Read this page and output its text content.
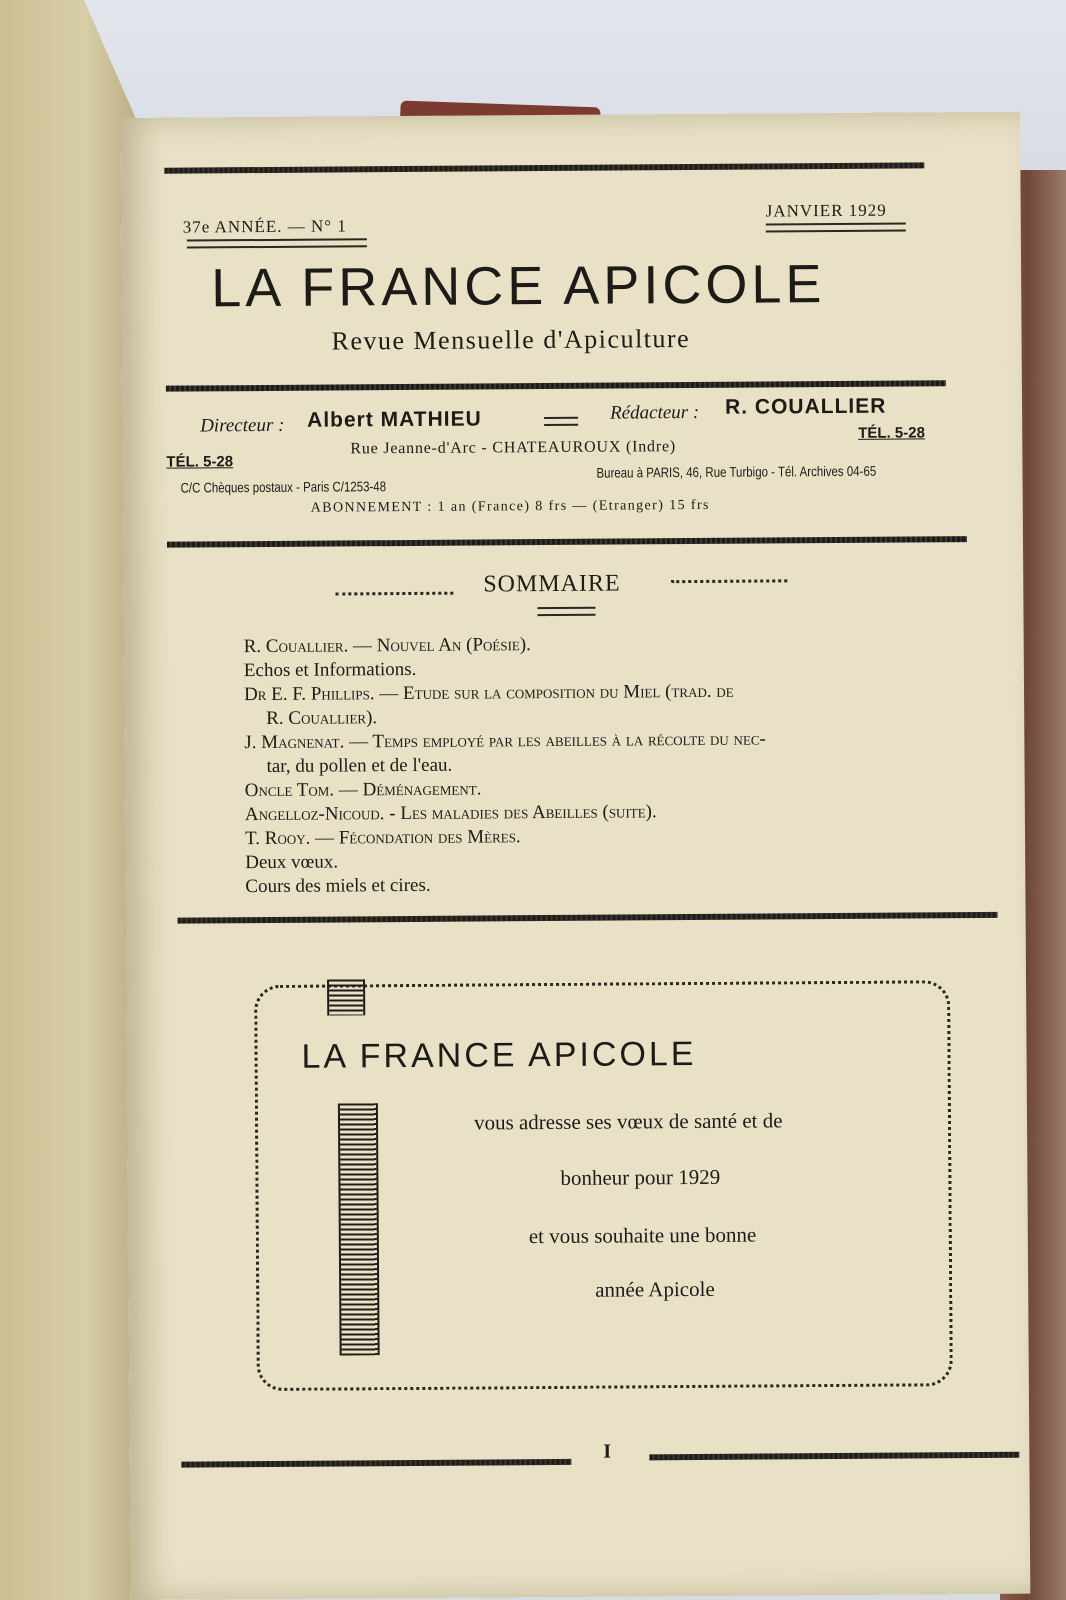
37e ANNÉE. — N° 1
JANVIER 1929
LA FRANCE APICOLE
Revue Mensuelle d'Apiculture
Directeur : Albert MATHIEU	Rédacteur : R. COUALLIER
TÉL. 5-28
Rue Jeanne-d'Arc - CHATEAUROUX (Indre)
TÉL. 5-28
C/C Chèques postaux - Paris C/1253-48
Bureau à PARIS, 46, Rue Turbigo - Tél. Archives 04-65
ABONNEMENT : 1 an (France) 8 frs — (Etranger) 15 frs
SOMMAIRE
R. Couallier. — Nouvel An (Poésie).
Echos et Informations.
Dr E. F. Phillips. — Etude sur la composition du Miel (trad. de
R. Couallier).
J. Magnenat. — Temps employé par les abeilles à la récolte du nec-
tar, du pollen et de l'eau.
Oncle Tom. — Déménagement.
Angelloz-Nicoud. - Les maladies des Abeilles (suite).
T. Rooy. — Fécondation des Mères.
Deux vœux.
Cours des miels et cires.
LA FRANCE APICOLE
vous adresse ses vœux de santé et de
bonheur pour 1929
et vous souhaite une bonne
année Apicole
I
